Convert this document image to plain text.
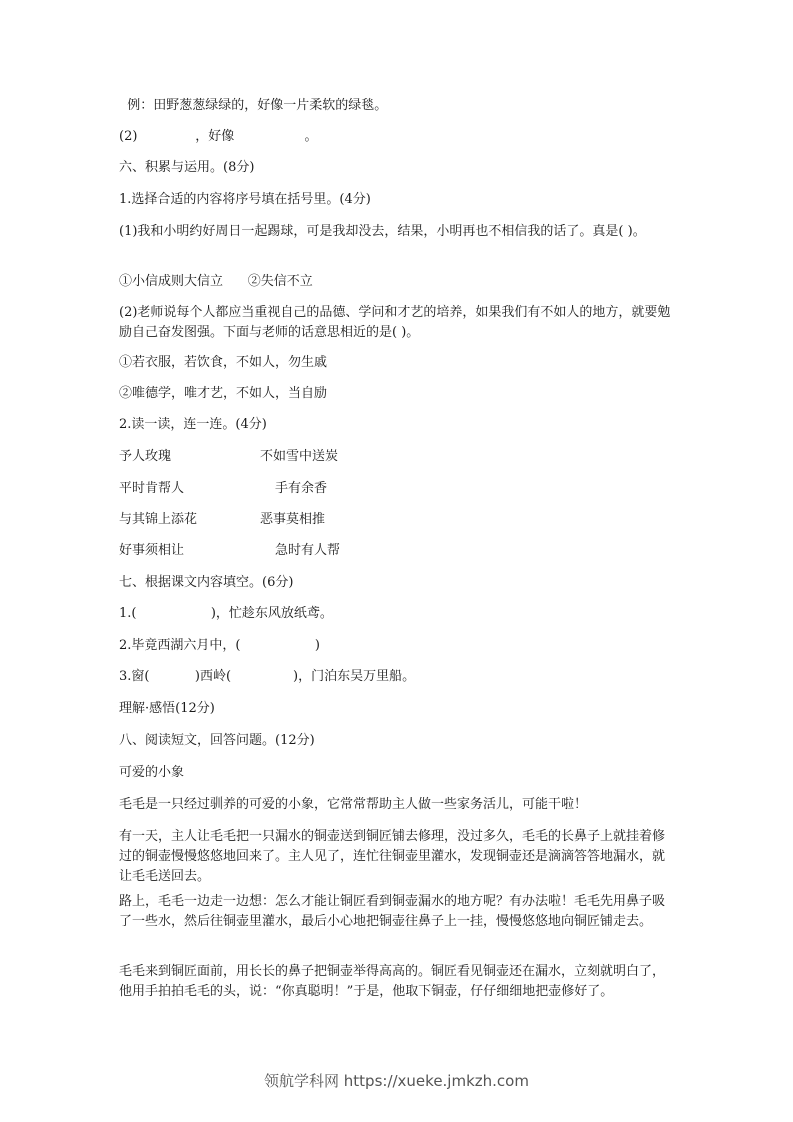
例：田野葱葱绿绿的，好像一片柔软的绿毯。
(2)              ，好像                 。
六、积累与运用。(8分)
1.选择合适的内容将序号填在括号里。(4分)
(1)我和小明约好周日一起踢球，可是我却没去，结果，小明再也不相信我的话了。真是( )。
①小信成则大信立      ②失信不立
(2)老师说每个人都应当重视自己的品德、学问和才艺的培养，如果我们有不如人的地方，就要勉励自己奋发图强。下面与老师的话意思相近的是( )。
①若衣服，若饮食，不如人，勿生戚
②唯德学，唯才艺，不如人，当自励
2.读一读，连一连。(4分)
予人玫瑰	不如雪中送炭
平时肯帮人	手有余香
与其锦上添花	恶事莫相推
好事须相让	急时有人帮
七、根据课文内容填空。(6分)
1.(                  )，忙趁东风放纸鸢。
2.毕竟西湖六月中，(                  )
3.窗(           )西岭(               )，门泊东吴万里船。
理解·感悟(12分)
八、阅读短文，回答问题。(12分)
可爱的小象
毛毛是一只经过驯养的可爱的小象，它常常帮助主人做一些家务活儿，可能干啦！
有一天，主人让毛毛把一只漏水的铜壶送到铜匠铺去修理，没过多久，毛毛的长鼻子上就挂着修过的铜壶慢慢悠悠地回来了。主人见了，连忙往铜壶里灌水，发现铜壶还是滴滴答答地漏水，就让毛毛送回去。
路上，毛毛一边走一边想：怎么才能让铜匠看到铜壶漏水的地方呢？有办法啦！毛毛先用鼻子吸了一些水，然后往铜壶里灌水，最后小心地把铜壶往鼻子上一挂，慢慢悠悠地向铜匠铺走去。
毛毛来到铜匠面前，用长长的鼻子把铜壶举得高高的。铜匠看见铜壶还在漏水，立刻就明白了，他用手拍拍毛毛的头，说：“你真聪明！”于是，他取下铜壶，仔仔细细地把壶修好了。
领航学科网 https://xueke.jmkzh.com
